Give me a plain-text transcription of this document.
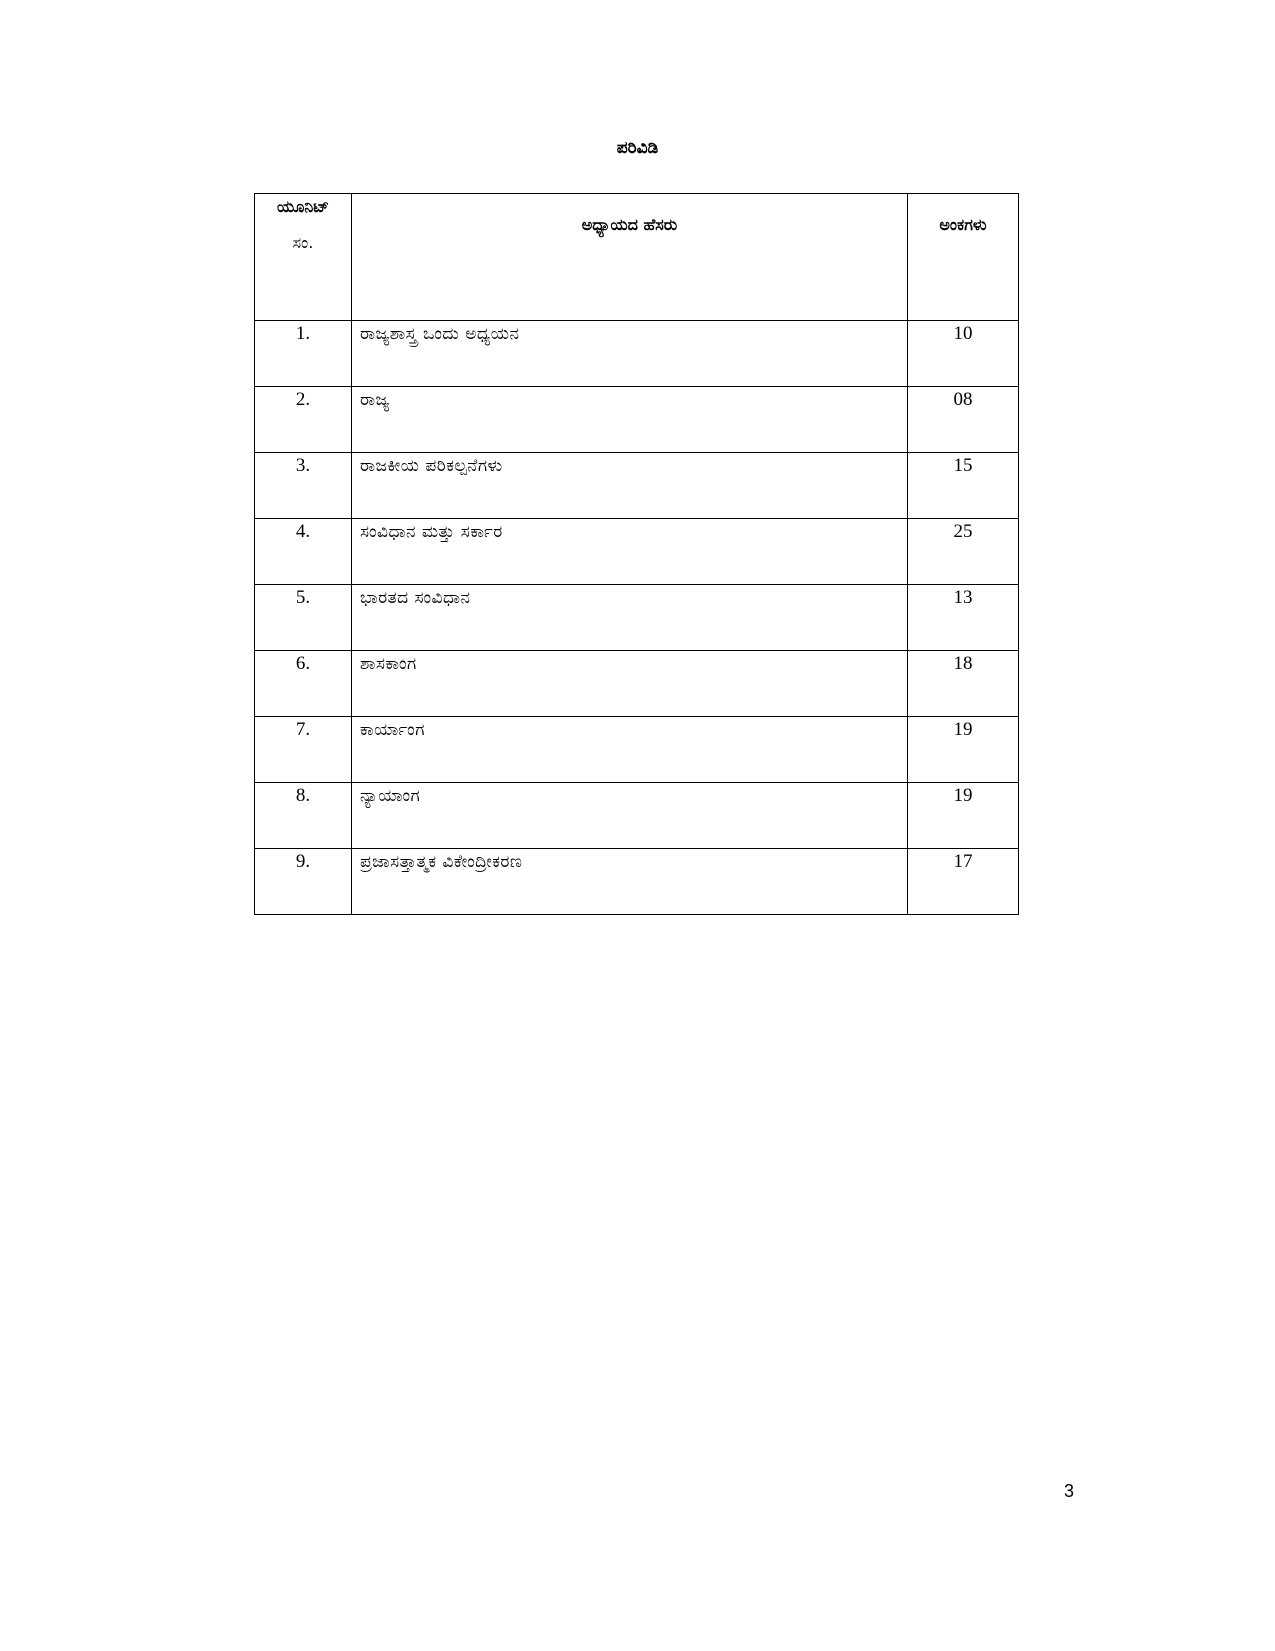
ಪರಿವಿಡಿ
ಯೂನಿಟ್
ಸಂ.	ಅಧ್ಯಾಯದ ಹೆಸರು	ಅಂಕಗಳು
1.	ರಾಜ್ಯಶಾಸ್ತ್ರ ಒಂದು ಅಧ್ಯಯನ	10
2.	ರಾಜ್ಯ	08
3.	ರಾಜಕೀಯ ಪರಿಕಲ್ಪನೆಗಳು	15
4.	ಸಂವಿಧಾನ ಮತ್ತು ಸರ್ಕಾರ	25
5.	ಭಾರತದ ಸಂವಿಧಾನ	13
6.	ಶಾಸಕಾಂಗ	18
7.	ಕಾರ್ಯಾಂಗ	19
8.	ನ್ಯಾಯಾಂಗ	19
9.	ಪ್ರಜಾಸತ್ತಾತ್ಮಕ ವಿಕೇಂದ್ರೀಕರಣ	17
3
